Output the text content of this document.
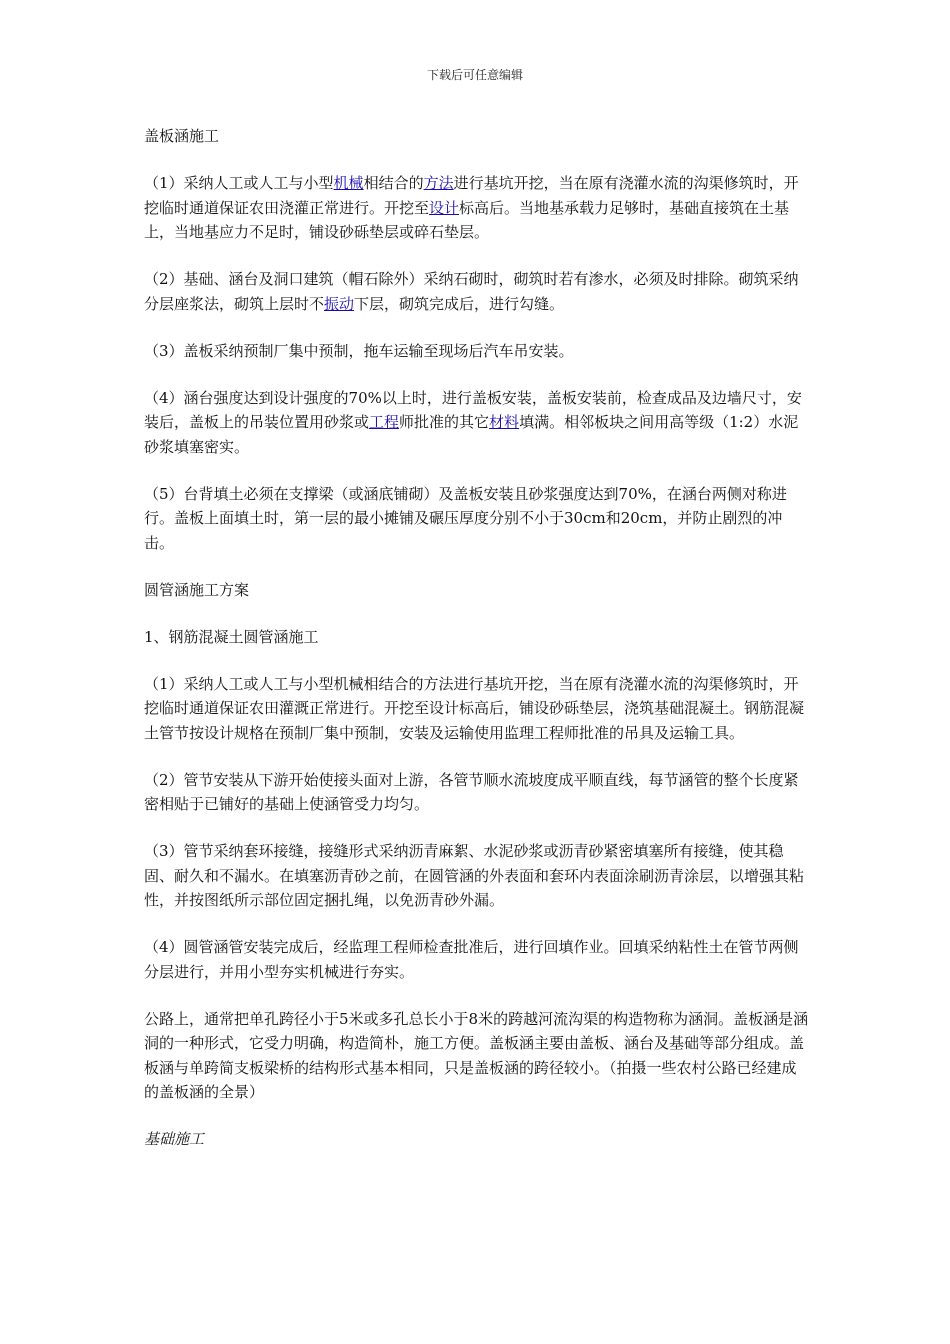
下载后可任意编辑

盖板涵施工

（1）采纳人工或人工与小型机械相结合的方法进行基坑开挖，当在原有浇灌水流的沟渠修筑时，开挖临时通道保证农田浇灌正常进行。开挖至设计标高后。当地基承载力足够时，基础直接筑在土基上，当地基应力不足时，铺设砂砾垫层或碎石垫层。

（2）基础、涵台及洞口建筑（帽石除外）采纳石砌时，砌筑时若有渗水，必须及时排除。砌筑采纳分层座浆法，砌筑上层时不振动下层，砌筑完成后，进行勾缝。

（3）盖板采纳预制厂集中预制，拖车运输至现场后汽车吊安装。

（4）涵台强度达到设计强度的70%以上时，进行盖板安装，盖板安装前，检查成品及边墙尺寸，安装后，盖板上的吊装位置用砂浆或工程师批准的其它材料填满。相邻板块之间用高等级（1:2）水泥砂浆填塞密实。

（5）台背填土必须在支撑梁（或涵底铺砌）及盖板安装且砂浆强度达到70%，在涵台两侧对称进行。盖板上面填土时，第一层的最小摊铺及碾压厚度分别不小于30cm和20cm，并防止剧烈的冲击。

圆管涵施工方案

1、钢筋混凝土圆管涵施工

（1）采纳人工或人工与小型机械相结合的方法进行基坑开挖，当在原有浇灌水流的沟渠修筑时，开挖临时通道保证农田灌溉正常进行。开挖至设计标高后，铺设砂砾垫层，浇筑基础混凝土。钢筋混凝土管节按设计规格在预制厂集中预制，安装及运输使用监理工程师批准的吊具及运输工具。

（2）管节安装从下游开始使接头面对上游，各管节顺水流坡度成平顺直线，每节涵管的整个长度紧密相贴于已铺好的基础上使涵管受力均匀。

（3）管节采纳套环接缝，接缝形式采纳沥青麻絮、水泥砂浆或沥青砂紧密填塞所有接缝，使其稳固、耐久和不漏水。在填塞沥青砂之前，在圆管涵的外表面和套环内表面涂刷沥青涂层，以增强其粘性，并按图纸所示部位固定捆扎绳，以免沥青砂外漏。

（4）圆管涵管安装完成后，经监理工程师检查批准后，进行回填作业。回填采纳粘性土在管节两侧分层进行，并用小型夯实机械进行夯实。

公路上，通常把单孔跨径小于5米或多孔总长小于8米的跨越河流沟渠的构造物称为涵洞。盖板涵是涵洞的一种形式，它受力明确，构造简朴，施工方便。盖板涵主要由盖板、涵台及基础等部分组成。盖板涵与单跨简支板梁桥的结构形式基本相同，只是盖板涵的跨径较小。（拍摄一些农村公路已经建成的盖板涵的全景）

基础施工
